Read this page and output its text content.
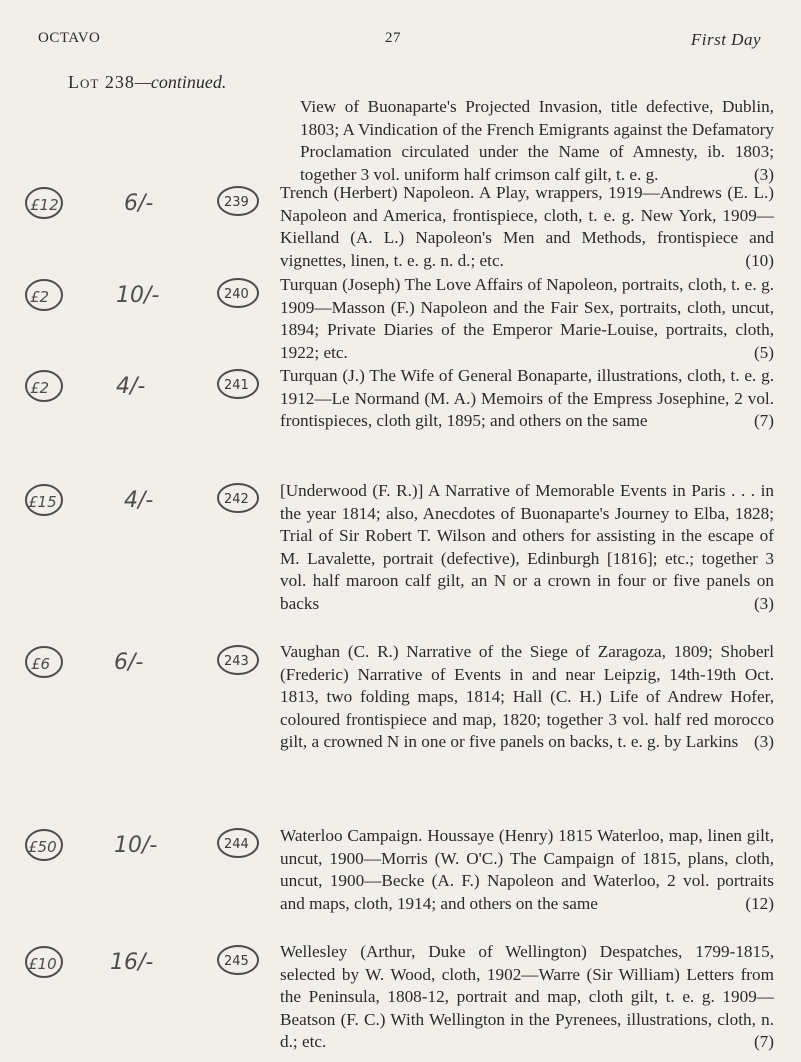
OCTAVO	27	First Day
Lot 238—continued.

View of Buonaparte's Projected Invasion, title defective, Dublin, 1803; A Vindication of the French Emigrants against the Defamatory Proclamation circulated under the Name of Amnesty, ib. 1803; together 3 vol. uniform half crimson calf gilt, t. e. g.	(3)

£12	6/-	239

Trench (Herbert) Napoleon. A Play, wrappers, 1919—Andrews (E. L.) Napoleon and America, frontispiece, cloth, t. e. g. New York, 1909—Kielland (A. L.) Napoleon's Men and Methods, frontispiece and vignettes, linen, t. e. g. n. d.; etc.	(10)

£2	10/-	240

Turquan (Joseph) The Love Affairs of Napoleon, portraits, cloth, t. e. g. 1909—Masson (F.) Napoleon and the Fair Sex, portraits, cloth, uncut, 1894; Private Diaries of the Emperor Marie-Louise, portraits, cloth, 1922; etc.	(5)

£2	4/-	241

Turquan (J.) The Wife of General Bonaparte, illustrations, cloth, t. e. g. 1912—Le Normand (M. A.) Memoirs of the Empress Josephine, 2 vol. frontispieces, cloth gilt, 1895; and others on the same	(7)

£15	4/-	242 [Underwood (F. R.)] A Narrative of Memorable Events in Paris . . . in the year 1814; also, Anecdotes of Buonaparte's Journey to Elba, 1828; Trial of Sir Robert T. Wilson and others for assisting in the escape of M. Lavalette, portrait (defective), Edinburgh [1816]; etc.; together 3 vol. half maroon calf gilt, an N or a crown in four or five panels on backs	(3)

£6	6/-	243

Vaughan (C. R.) Narrative of the Siege of Zaragoza, 1809; Shoberl (Frederic) Narrative of Events in and near Leipzig, 14th-19th Oct. 1813, two folding maps, 1814; Hall (C. H.) Life of Andrew Hofer, coloured frontispiece and map, 1820; together 3 vol. half red morocco gilt, a crowned N in one or five panels on backs, t. e. g. by Larkins (3)

£50	10/-	244 Waterloo Campaign. Houssaye (Henry) 1815 Waterloo, map, linen gilt, uncut, 1900—Morris (W. O'C.) The Campaign of 1815, plans, cloth, uncut, 1900—Becke (A. F.) Napoleon and Waterloo, 2 vol. portraits and maps, cloth, 1914; and others on the same	(12)

£10 16/-	245

Wellesley (Arthur, Duke of Wellington) Despatches, 1799-1815, selected by W. Wood, cloth, 1902—Warre (Sir William) Letters from the Peninsula, 1808-12, portrait and map, cloth gilt, t. e. g. 1909—Beatson (F. C.) With Wellington in the Pyrenees, illustrations, cloth, n. d.; etc.	(7)
